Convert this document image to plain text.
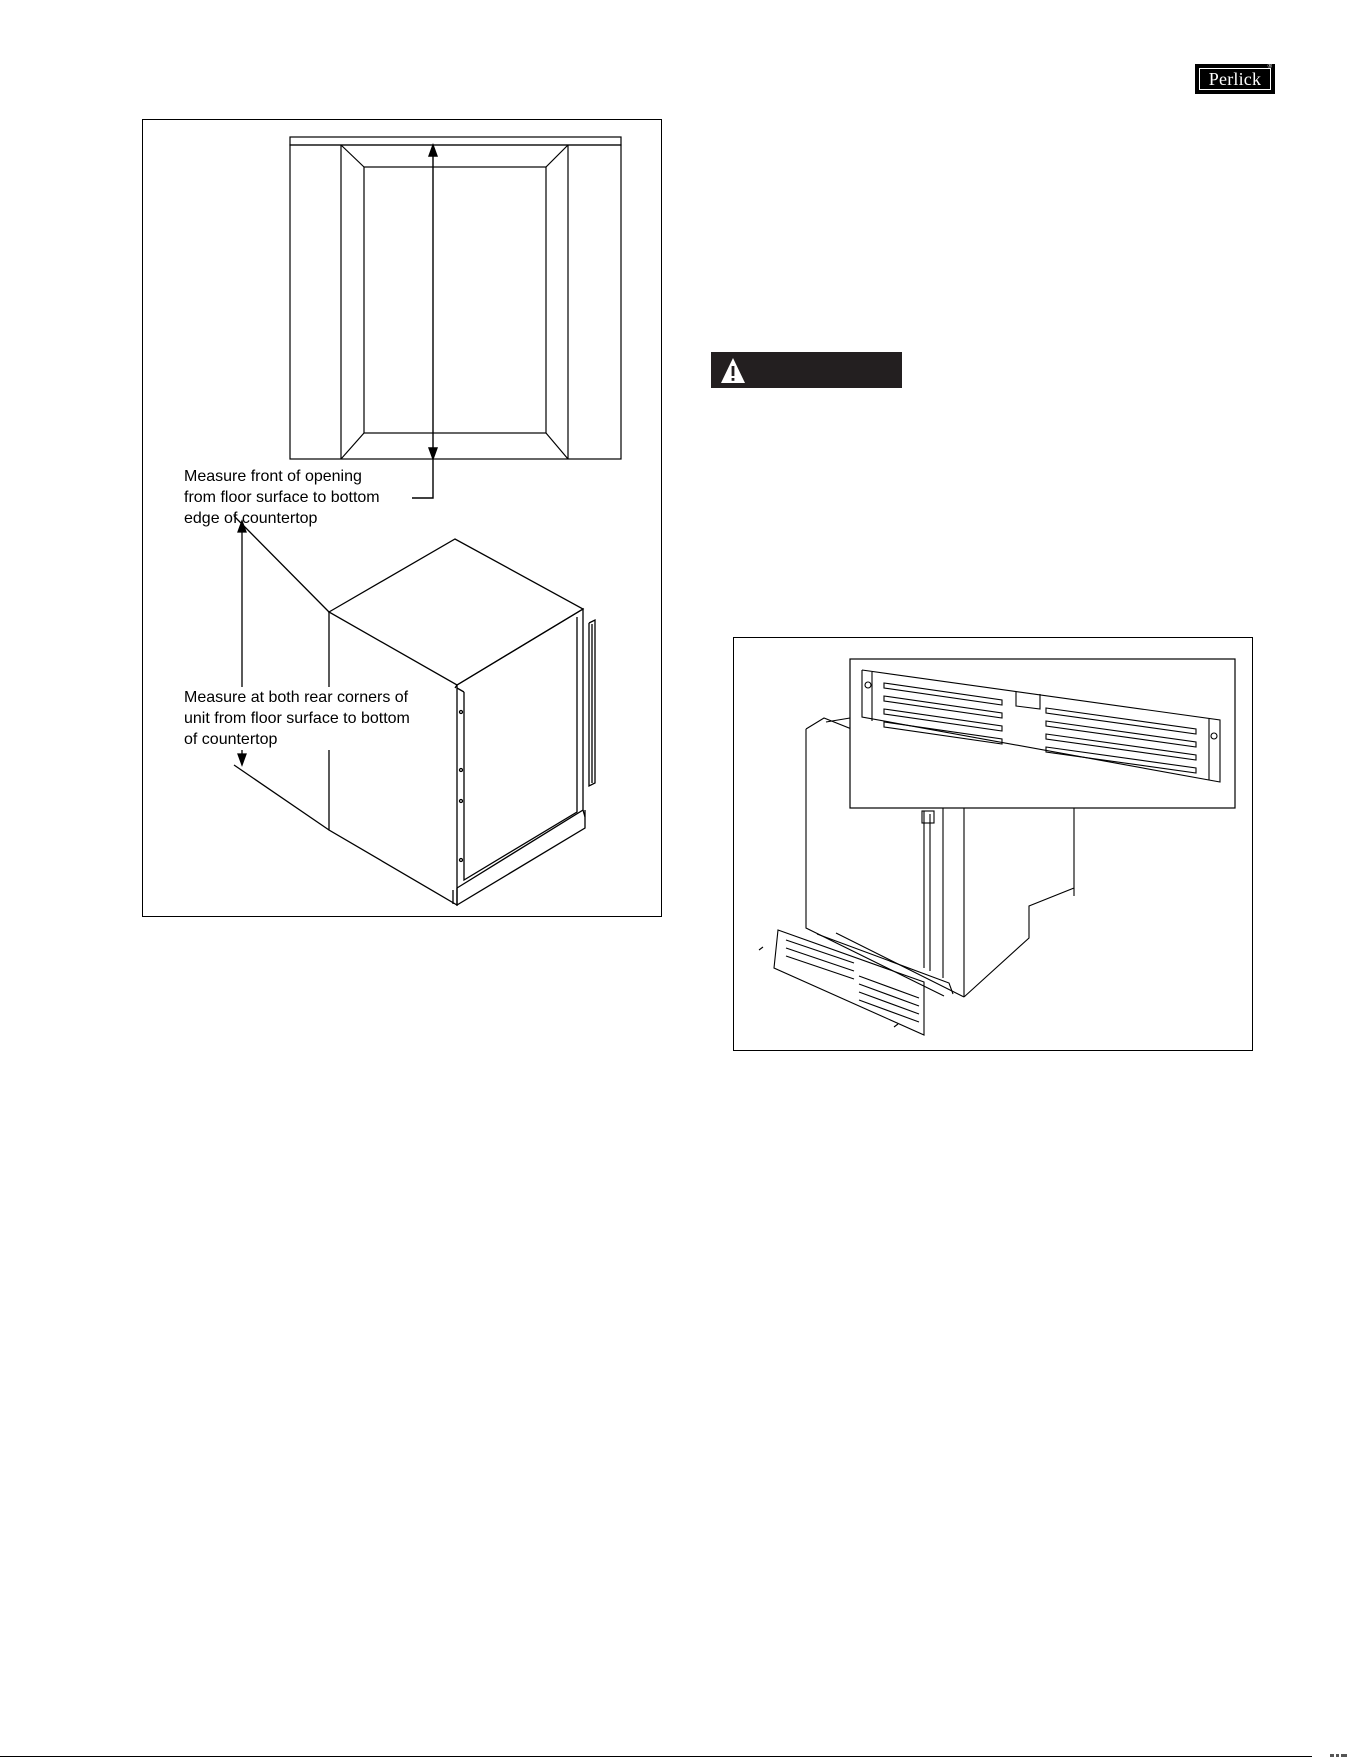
Perlick
®
Measure front of opening
from floor surface to bottom
edge of countertop
Measure at both rear corners of
unit from floor surface to bottom
of countertop
